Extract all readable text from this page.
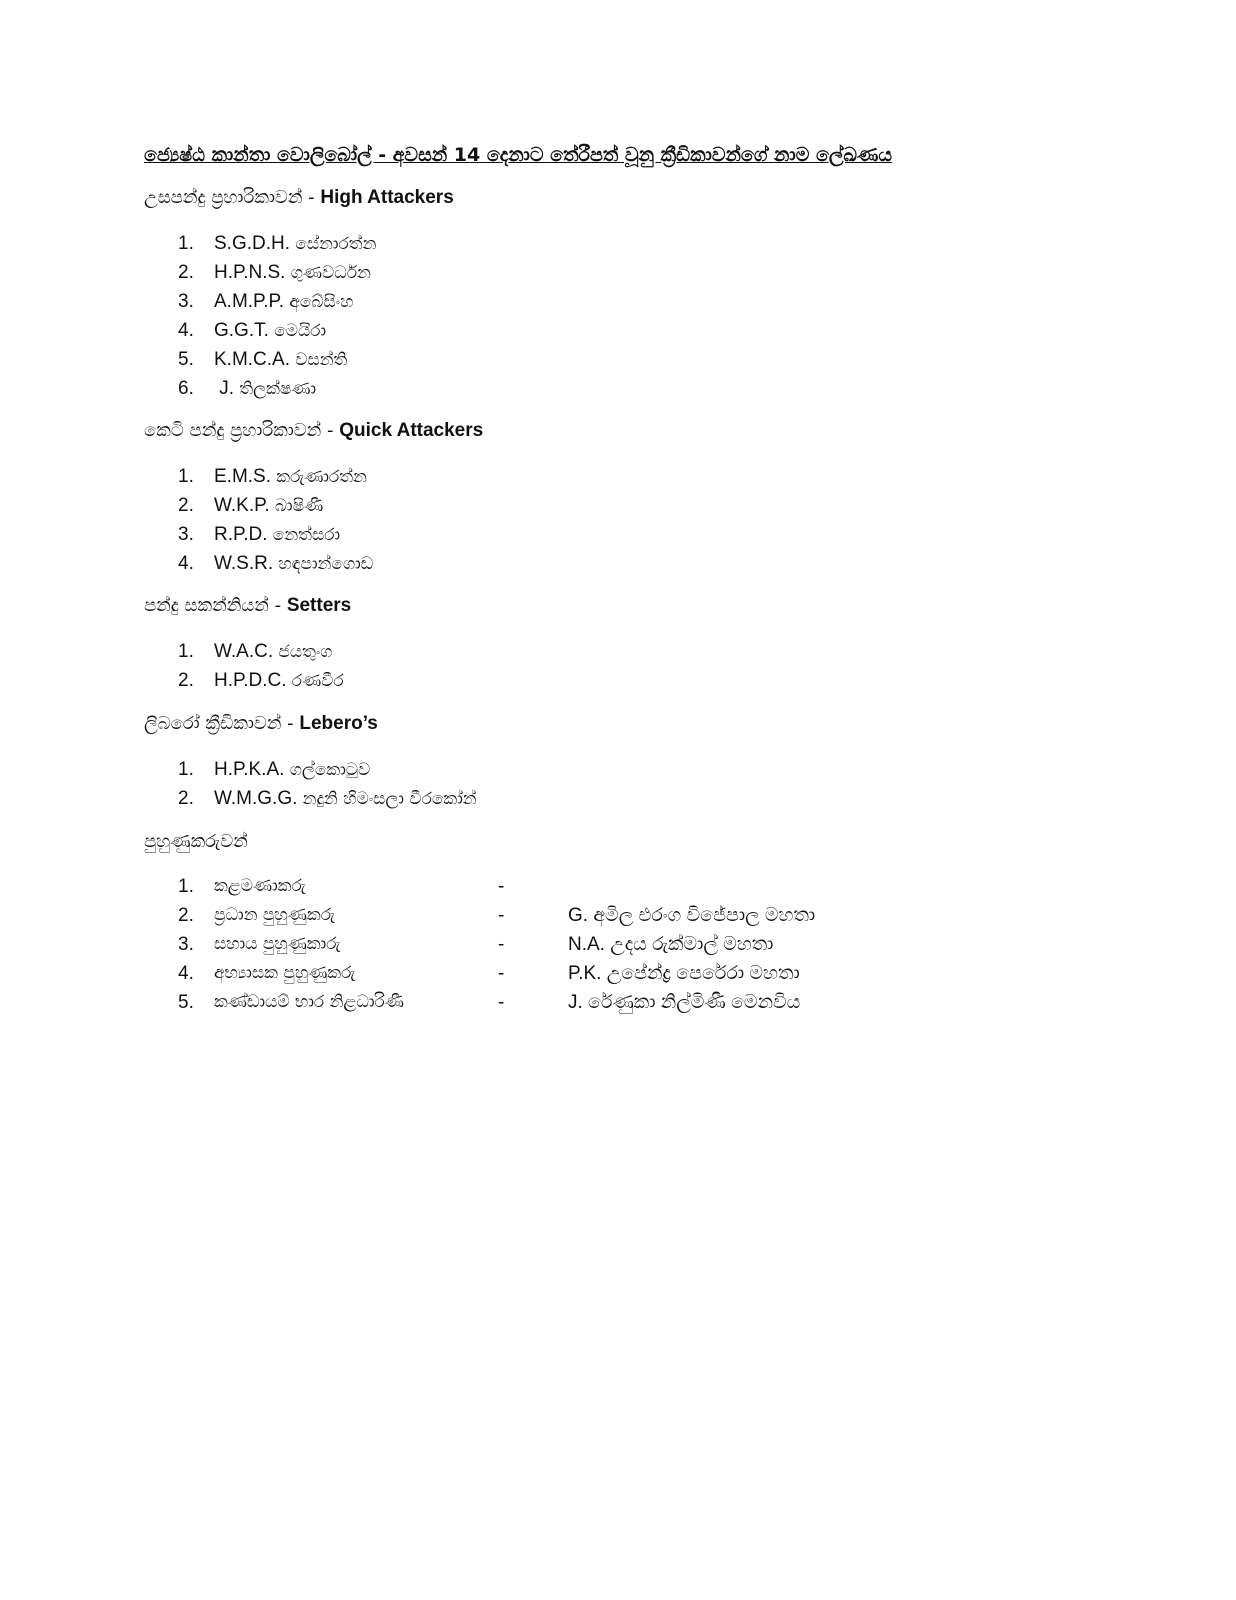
ජ්‍යෙෂ්ඨ කාන්තා වොලිබෝල් - අවසන් 14 දෙනාට තේරීපත් වූනු ක්‍රීඩිකාවන්ගේ නාම ලේඛණය
උසපන්දු ප්‍රහාරිකාවන් - High Attackers
1.	S.G.D.H. සේනාරත්න
2.	H.P.N.S. ගුණවර්ධන
3.	A.M.P.P. අබේසිංහ
4.	G.G.T. මෙයිරා
5.	K.M.C.A. වසන්ති
6.	J. තිලක්ෂණා
කෙටි පන්දු ප්‍රහාරිකාවන් - Quick Attackers
1.	E.M.S. කරුණාරත්න
2.	W.K.P. බාෂිණී
3.	R.P.D. නෙත්සරා
4.	W.S.R. හඳපාන්ගොඩ
පන්දු සකන්නියන් - Setters
1.	W.A.C. ජයතුංග
2.	H.P.D.C. රණවීර
ලිබරෝ ක්‍රීඩිකාවන් - Lebero’s
1.	H.P.K.A. ගල්කොටුව
2.	W.M.G.G. නදුනි හිමංසලා වීරකෝන්
පුහුණුකරුවන්
1.	කළමණාකරු	-
2.	ප්‍රධාන පුහුණුකරු	-	G. අමිල එරංග විජේපාල මහතා
3.	සහාය පුහුණුකාරු	-	N.A. උදය රුක්මාල් මහතා
4.	අභ්‍යාසක පුහුණුකරු	-	P.K. උපේන්ද්‍ර පෙරේරා මහතා
5.	කණ්ඩායම් භාර නිළධාරිණී	-	J. රේණුකා නිල්මිණී මෙනවිය
